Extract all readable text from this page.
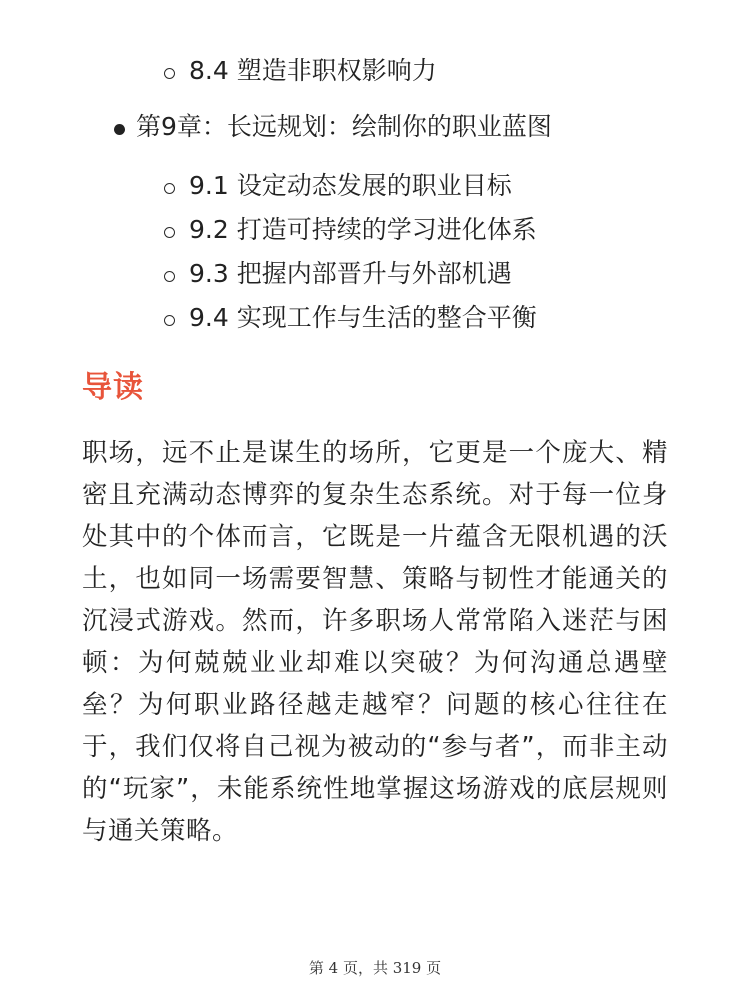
8.4 塑造非职权影响力
第9章：长远规划：绘制你的职业蓝图
9.1 设定动态发展的职业目标
9.2 打造可持续的学习进化体系
9.3 把握内部晋升与外部机遇
9.4 实现工作与生活的整合平衡
导读
职场，远不止是谋生的场所，它更是一个庞大、精密且充满动态博弈的复杂生态系统。对于每一位身处其中的个体而言，它既是一片蕴含无限机遇的沃土，也如同一场需要智慧、策略与韧性才能通关的沉浸式游戏。然而，许多职场人常常陷入迷茫与困顿：为何兢兢业业却难以突破？为何沟通总遇壁垒？为何职业路径越走越窄？问题的核心往往在于，我们仅将自己视为被动的“参与者”，而非主动的“玩家”，未能系统性地掌握这场游戏的底层规则与通关策略。
第 4 页，共 319 页
